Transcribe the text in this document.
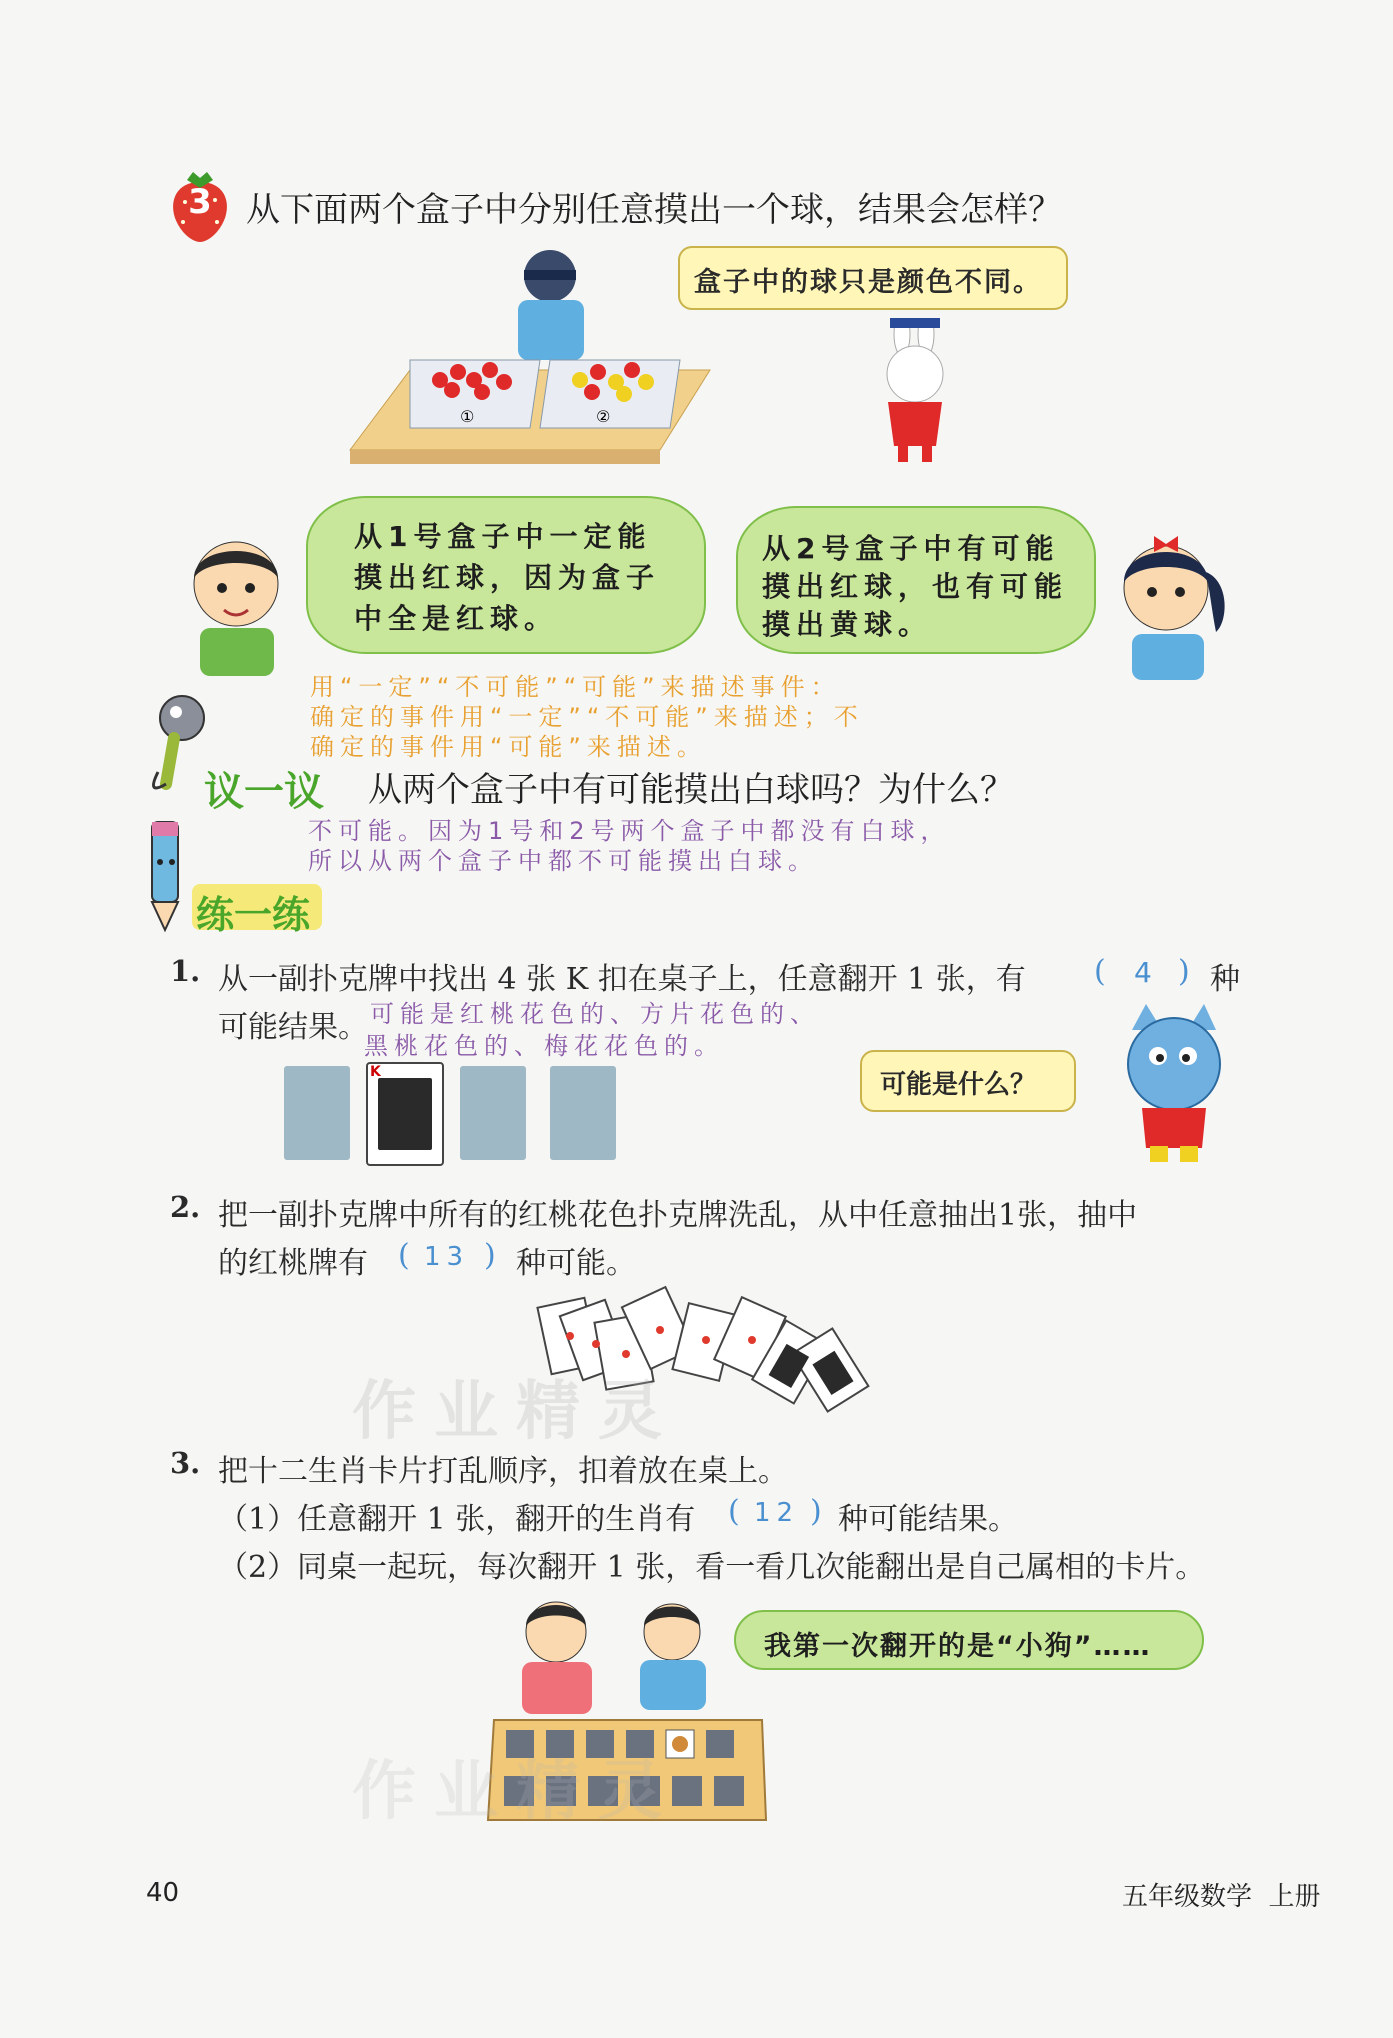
3 从下面两个盒子中分别任意摸出一个球，结果会怎样？
①	②
盒子中的球只是颜色不同。
从1号盒子中一定能摸出红球，因为盒子中全是红球。
从2号盒子中有可能摸出红球，也有可能摸出黄球。
用“一定”“不可能”“可能”来描述事件：
确定的事件用“一定”“不可能”来描述；不
确定的事件用“可能”来描述。
议一议 从两个盒子中有可能摸出白球吗？为什么？
不可能。因为1号和2号两个盒子中都没有白球，
所以从两个盒子中都不可能摸出白球。
练一练
1. 从一副扑克牌中找出 4 张 K 扣在桌子上，任意翻开 1 张，有 ( 4 ) 种
可能结果。 可能是红桃花色的、方片花色的、
黑桃花色的、梅花花色的。
K	可能是什么？
2. 把一副扑克牌中所有的红桃花色扑克牌洗乱，从中任意抽出1张，抽中
的红桃牌有 ( 13 ) 种可能。
3. 把十二生肖卡片打乱顺序，扣着放在桌上。
（1）任意翻开 1 张，翻开的生肖有 ( 12 ) 种可能结果。
（2）同桌一起玩，每次翻开 1 张，看一看几次能翻出是自己属相的卡片。
我第一次翻开的是“小狗”……
作业精灵
作业精灵
40	五年级数学  上册
